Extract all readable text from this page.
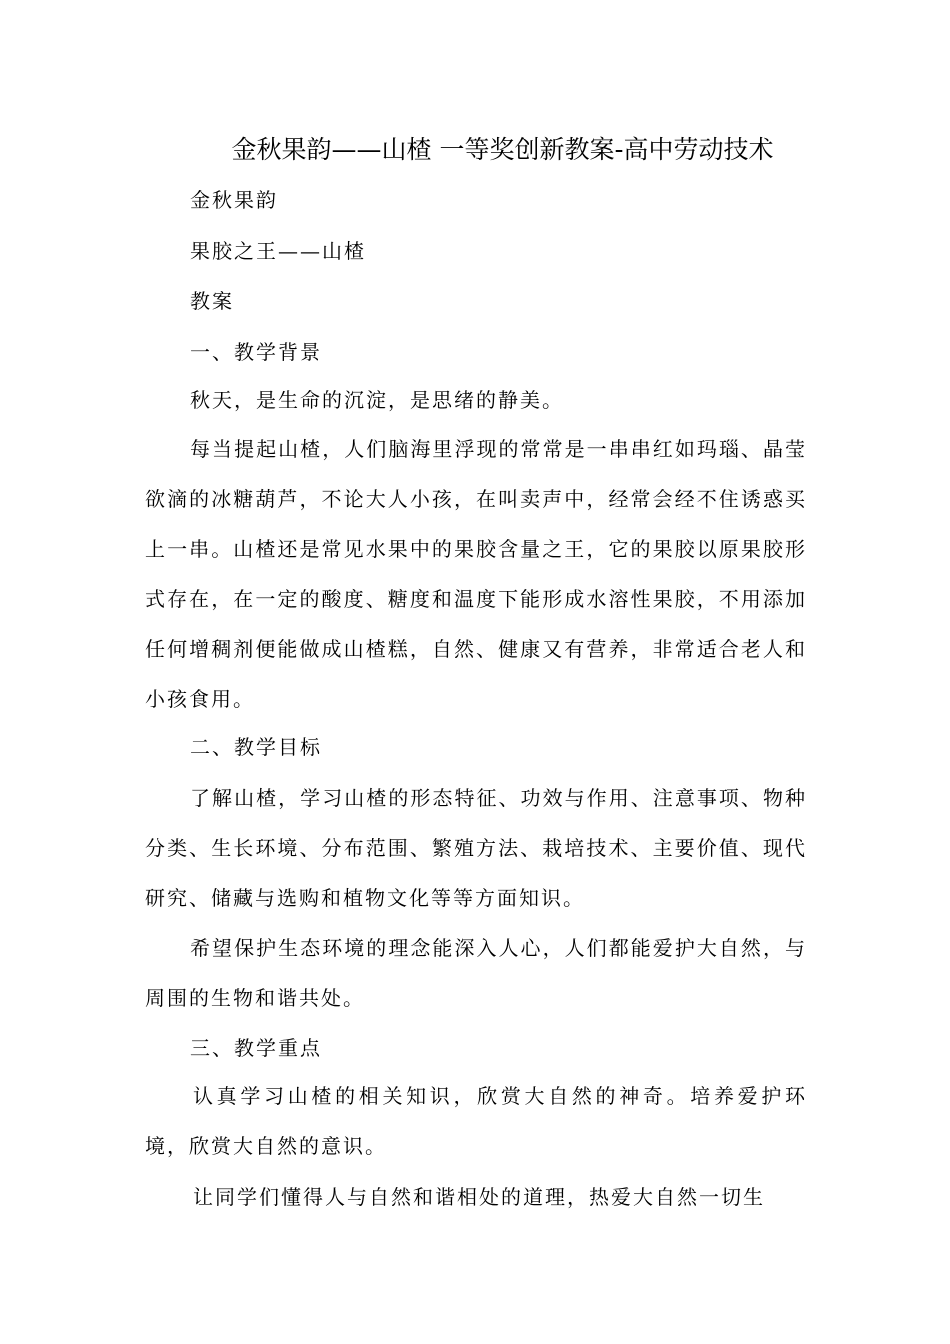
金秋果韵——山楂 一等奖创新教案-高中劳动技术

金秋果韵

果胶之王——山楂

教案

一、教学背景

秋天，是生命的沉淀，是思绪的静美。

每当提起山楂，人们脑海里浮现的常常是一串串红如玛瑙、晶莹欲滴的冰糖葫芦，不论大人小孩，在叫卖声中，经常会经不住诱惑买上一串。山楂还是常见水果中的果胶含量之王，它的果胶以原果胶形式存在，在一定的酸度、糖度和温度下能形成水溶性果胶，不用添加任何增稠剂便能做成山楂糕，自然、健康又有营养，非常适合老人和小孩食用。

二、教学目标

了解山楂，学习山楂的形态特征、功效与作用、注意事项、物种分类、生长环境、分布范围、繁殖方法、栽培技术、主要价值、现代研究、储藏与选购和植物文化等等方面知识。

希望保护生态环境的理念能深入人心，人们都能爱护大自然，与周围的生物和谐共处。

三、教学重点

认真学习山楂的相关知识，欣赏大自然的神奇。培养爱护环境，欣赏大自然的意识。

让同学们懂得人与自然和谐相处的道理，热爱大自然一切生
